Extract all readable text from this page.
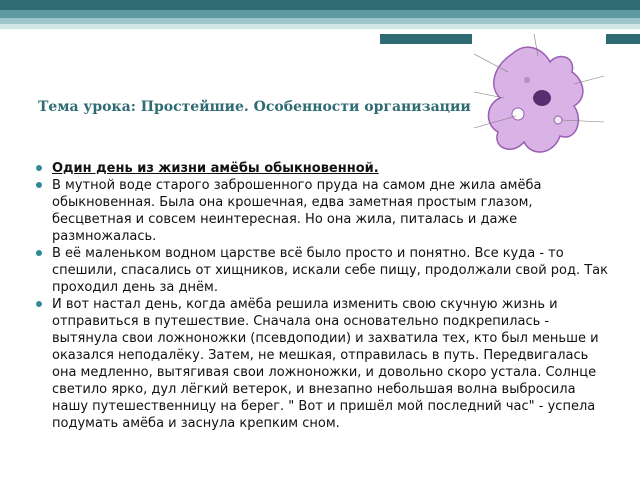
Тема урока: Простейшие. Особенности организации
Один день из жизни амёбы обыкновенной.
В мутной воде старого заброшенного пруда на самом дне жила амёба обыкновенная. Была она крошечная, едва заметная простым глазом, бесцветная и совсем неинтересная. Но она жила, питалась и даже размножалась.
В её маленьком водном царстве всё было просто и понятно. Все куда - то спешили, спасались от хищников, искали себе пищу, продолжали свой род. Так проходил день за днём.
И вот настал день, когда амёба решила изменить свою скучную жизнь и отправиться в путешествие. Сначала она основательно подкрепилась - вытянула свои ложноножки (псевдоподии) и захватила тех, кто был меньше и оказался неподалёку. Затем, не мешкая, отправилась в путь. Передвигалась она медленно, вытягивая свои ложноножки, и довольно скоро устала. Солнце светило ярко, дул лёгкий ветерок, и внезапно небольшая волна выбросила нашу путешественницу на берег. " Вот и пришёл мой последний час" - успела подумать амёба и заснула крепким сном.
